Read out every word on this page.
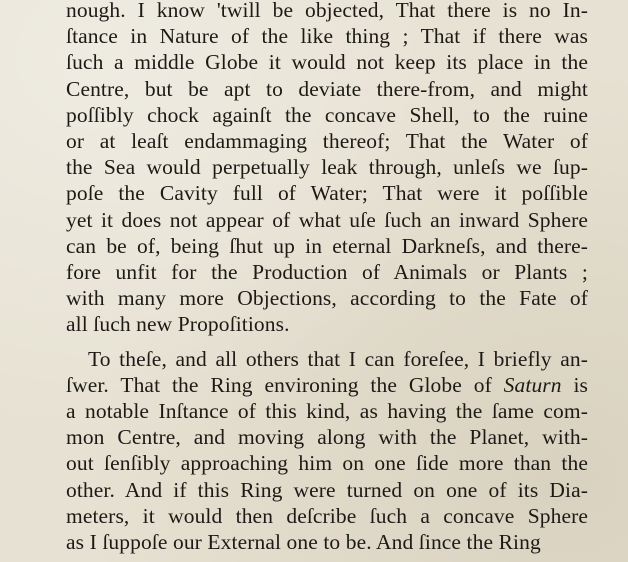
nough. I know 'twill be objected, That there is no In-
ſtance in Nature of the like thing ; That if there was
ſuch a middle Globe it would not keep its place in the
Centre, but be apt to deviate there-from, and might
poſſibly chock againſt the concave Shell, to the ruine
or at leaſt endammaging thereof; That the Water of
the Sea would perpetually leak through, unleſs we ſup-
poſe the Cavity full of Water; That were it poſſible
yet it does not appear of what uſe ſuch an inward Sphere
can be of, being ſhut up in eternal Darkneſs, and there-
fore unfit for the Production of Animals or Plants ;
with many more Objections, according to the Fate of
all ſuch new Propoſitions.

To theſe, and all others that I can foreſee, I briefly an-
ſwer. That the Ring environing the Globe of Saturn is
a notable Inſtance of this kind, as having the ſame com-
mon Centre, and moving along with the Planet, with-
out ſenſibly approaching him on one ſide more than the
other. And if this Ring were turned on one of its Dia-
meters, it would then deſcribe ſuch a concave Sphere
as I ſuppoſe our External one to be. And ſince the Ring
